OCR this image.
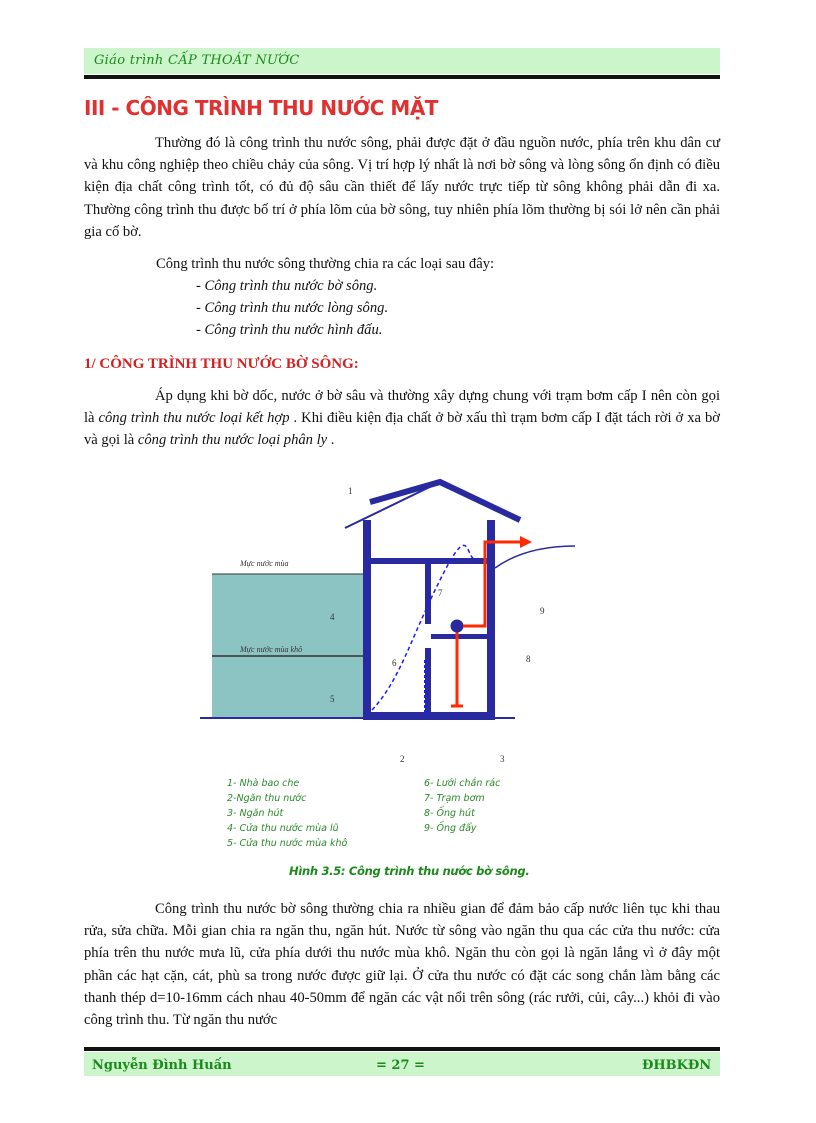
Giáo trình CẤP THOÁT NƯỚC
III - CÔNG TRÌNH THU NƯỚC MẶT

Thường đó là công trình thu nước sông, phải được đặt ở đầu nguồn nước, phía trên khu dân cư và khu công nghiệp theo chiều chảy của sông. Vị trí hợp lý nhất là nơi bờ sông và lòng sông ổn định có điều kiện địa chất công trình tốt, có đủ độ sâu cần thiết để lấy nước trực tiếp từ sông không phải dẫn đi xa. Thường công trình thu được bố trí ở phía lõm của bờ sông, tuy nhiên phía lõm thường bị sói lở nên cần phải gia cố bờ.

Công trình thu nước sông thường chia ra các loại sau đây:
- Công trình thu nước bờ sông.
- Công trình thu nước lòng sông.
- Công trình thu nước hình đấu.
1/ CÔNG TRÌNH THU NƯỚC BỜ SÔNG:

Áp dụng khi bờ dốc, nước ở bờ sâu và thường xây dựng chung với trạm bơm cấp I nên còn gọi là công trình thu nước loại kết hợp . Khi điều kiện địa chất ở bờ xấu thì trạm bơm cấp I đặt tách rời ở xa bờ và gọi là công trình thu nước loại phân ly .

Mực nước mùa
Mực nước mùa khô
1
2	3
4
5
6
7
8
9
1- Nhà bao che
2-Ngăn thu nước
3- Ngăn hút
4- Cửa thu nước mùa lũ
5- Cửa thu nước mùa khô
6- Lưới chắn rác
7- Trạm bơm
8- Ống hút
9- Ống đẩy
Hình 3.5: Công trình thu nước bờ sông.

Công trình thu nước bờ sông thường chia ra nhiều gian để đảm bảo cấp nước liên tục khi thau rửa, sửa chữa. Mỗi gian chia ra ngăn thu, ngăn hút. Nước từ sông vào ngăn thu qua các cửa thu nước: cửa phía trên thu nước mưa lũ, cửa phía dưới thu nước mùa khô. Ngăn thu còn gọi là ngăn lắng vì ở đây một phần các hạt cặn, cát, phù sa trong nước được giữ lại. Ở cửa thu nước có đặt các song chắn làm bằng các thanh thép d=10-16mm cách nhau 40-50mm để ngăn các vật nổi trên sông (rác rưởi, củi, cây...) khỏi đi vào công trình thu. Từ ngăn thu nước

Nguyễn Đình Huấn	= 27 =	ĐHBKĐN
